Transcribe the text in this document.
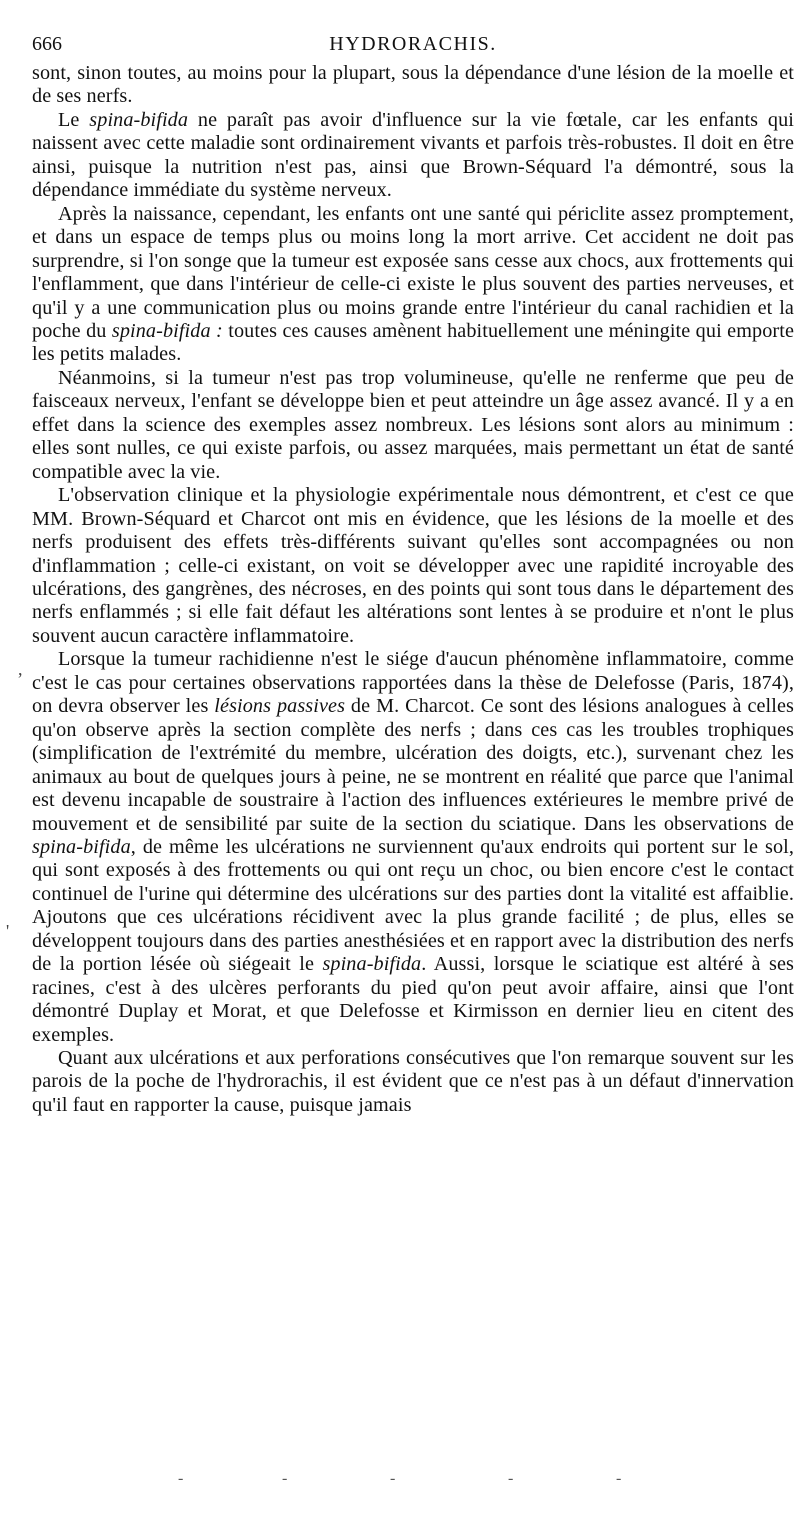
666	HYDRORACHIS.

sont, sinon toutes, au moins pour la plupart, sous la dépendance d'une lésion de la moelle et de ses nerfs.

Le spina-bifida ne paraît pas avoir d'influence sur la vie fœtale, car les enfants qui naissent avec cette maladie sont ordinairement vivants et parfois très-robustes. Il doit en être ainsi, puisque la nutrition n'est pas, ainsi que Brown-Séquard l'a démontré, sous la dépendance immédiate du système nerveux.

Après la naissance, cependant, les enfants ont une santé qui périclite assez promptement, et dans un espace de temps plus ou moins long la mort arrive. Cet accident ne doit pas surprendre, si l'on songe que la tumeur est exposée sans cesse aux chocs, aux frottements qui l'enflamment, que dans l'intérieur de celle-ci existe le plus souvent des parties nerveuses, et qu'il y a une communication plus ou moins grande entre l'intérieur du canal rachidien et la poche du spina-bifida : toutes ces causes amènent habituellement une méningite qui emporte les petits malades.

Néanmoins, si la tumeur n'est pas trop volumineuse, qu'elle ne renferme que peu de faisceaux nerveux, l'enfant se développe bien et peut atteindre un âge assez avancé. Il y a en effet dans la science des exemples assez nombreux. Les lésions sont alors au minimum : elles sont nulles, ce qui existe parfois, ou assez marquées, mais permettant un état de santé compatible avec la vie.

L'observation clinique et la physiologie expérimentale nous démontrent, et c'est ce que MM. Brown-Séquard et Charcot ont mis en évidence, que les lésions de la moelle et des nerfs produisent des effets très-différents suivant qu'elles sont accompagnées ou non d'inflammation ; celle-ci existant, on voit se développer avec une rapidité incroyable des ulcérations, des gangrènes, des nécroses, en des points qui sont tous dans le département des nerfs enflammés ; si elle fait défaut les altérations sont lentes à se produire et n'ont le plus souvent aucun caractère inflammatoire.

Lorsque la tumeur rachidienne n'est le siége d'aucun phénomène inflammatoire, comme c'est le cas pour certaines observations rapportées dans la thèse de Delefosse (Paris, 1874), on devra observer les lésions passives de M. Charcot. Ce sont des lésions analogues à celles qu'on observe après la section complète des nerfs ; dans ces cas les troubles trophiques (simplification de l'extrémité du membre, ulcération des doigts, etc.), survenant chez les animaux au bout de quelques jours à peine, ne se montrent en réalité que parce que l'animal est devenu incapable de soustraire à l'action des influences extérieures le membre privé de mouvement et de sensibilité par suite de la section du sciatique. Dans les observations de spina-bifida, de même les ulcérations ne surviennent qu'aux endroits qui portent sur le sol, qui sont exposés à des frottements ou qui ont reçu un choc, ou bien encore c'est le contact continuel de l'urine qui détermine des ulcérations sur des parties dont la vitalité est affaiblie. Ajoutons que ces ulcérations récidivent avec la plus grande facilité ; de plus, elles se développent toujours dans des parties anesthésiées et en rapport avec la distribution des nerfs de la portion lésée où siégeait le spina-bifida. Aussi, lorsque le sciatique est altéré à ses racines, c'est à des ulcères perforants du pied qu'on peut avoir affaire, ainsi que l'ont démontré Duplay et Morat, et que Delefosse et Kirmisson en dernier lieu en citent des exemples.

Quant aux ulcérations et aux perforations consécutives que l'on remarque souvent sur les parois de la poche de l'hydrorachis, il est évident que ce n'est pas à un défaut d'innervation qu'il faut en rapporter la cause, puisque jamais

,
'
-	-	-	-	-
